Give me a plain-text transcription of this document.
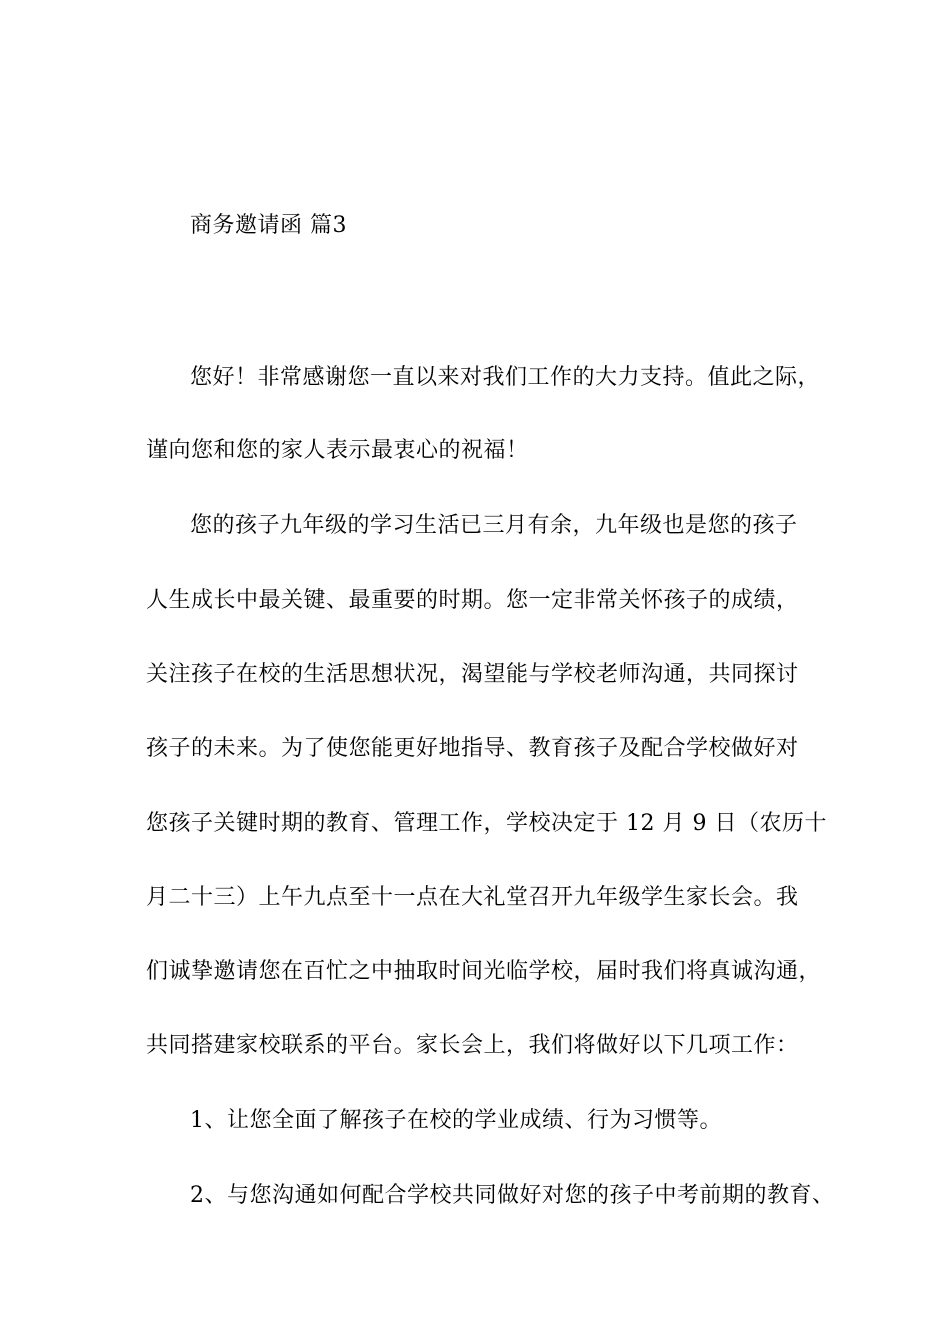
商务邀请函 篇3
您好！非常感谢您一直以来对我们工作的大力支持。值此之际，
谨向您和您的家人表示最衷心的祝福！
您的孩子九年级的学习生活已三月有余，九年级也是您的孩子
人生成长中最关键、最重要的时期。您一定非常关怀孩子的成绩，
关注孩子在校的生活思想状况，渴望能与学校老师沟通，共同探讨
孩子的未来。为了使您能更好地指导、教育孩子及配合学校做好对
您孩子关键时期的教育、管理工作，学校决定于 12 月 9 日（农历十
月二十三）上午九点至十一点在大礼堂召开九年级学生家长会。我
们诚挚邀请您在百忙之中抽取时间光临学校，届时我们将真诚沟通，
共同搭建家校联系的平台。家长会上，我们将做好以下几项工作：
1、让您全面了解孩子在校的学业成绩、行为习惯等。
2、与您沟通如何配合学校共同做好对您的孩子中考前期的教育、
